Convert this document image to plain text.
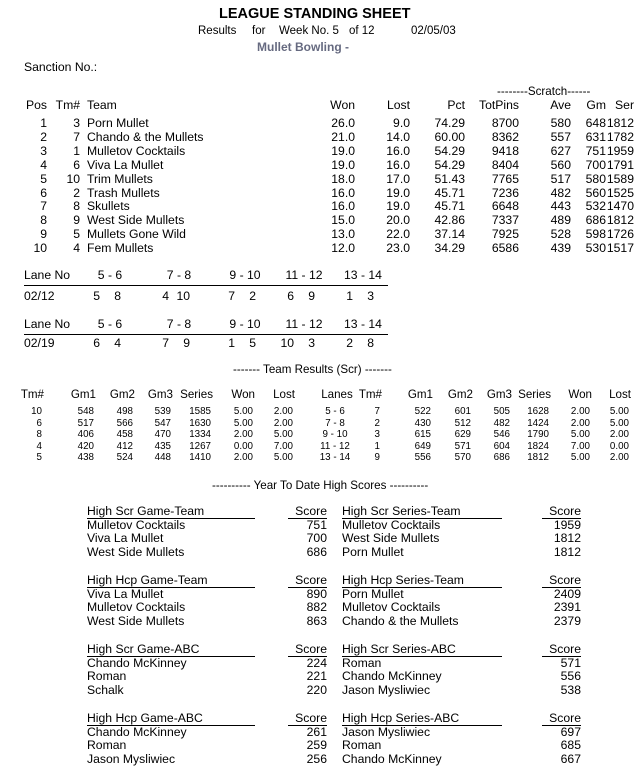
LEAGUE STANDING SHEET
Results for Week No. 5 of 12	02/05/03
Mullet Bowling -
Sanction No.:
--------Scratch------
Pos Tm# Team	Won	Lost	Pct	TotPins	Ave	Gm Ser
1	3 Porn Mullet	26.0	9.0	74.29	8700	580	648 1812
2	7 Chando & the Mullets	21.0	14.0	60.00	8362	557	631 1782
3	1 Mulletov Cocktails	19.0	16.0	54.29	9418	627	751 1959
4	6 Viva La Mullet	19.0	16.0	54.29	8404	560	700 1791
5	10 Trim Mullets	18.0	17.0	51.43	7765	517	580 1589
6	2 Trash Mullets	16.0	19.0	45.71	7236	482	560 1525
7	8 Skullets	16.0	19.0	45.71	6648	443	532 1470
8	9 West Side Mullets	15.0	20.0	42.86	7337	489	686 1812
9	5 Mullets Gone Wild	13.0	22.0	37.14	7925	528	598 1726
10	4 Fem Mullets	12.0	23.0	34.29	6586	439	530 1517
Lane No	5 - 6	7 - 8	9 - 10	11 - 12	13 - 14
02/12	5	8	4 10	7	2	6	9	1	3
Lane No	5 - 6	7 - 8	9 - 10	11 - 12	13 - 14
02/19	6	4	7	9	1	5	10	3	2	8
------- Team Results (Scr) -------
Tm#	Gm1	Gm2	Gm3 Series	Won	Lost	Lanes Tm#	Gm1	Gm2	Gm3 Series	Won	Lost
10	548	498	539	1585	5.00	2.00	5 - 6	7	522	601	505	1628	2.00	5.00
6	517	566	547	1630	5.00	2.00	7 - 8	2	430	512	482	1424	2.00	5.00
8	406	458	470	1334	2.00	5.00	9 - 10	3	615	629	546	1790	5.00	2.00
4	420	412	435	1267	0.00	7.00	11 - 12	1	649	571	604	1824	7.00	0.00
5	438	524	448	1410	2.00	5.00	13 - 14	9	556	570	686	1812	5.00	2.00
---------- Year To Date High Scores ----------
High Scr Game-Team	Score
Mulletov Cocktails	751
Viva La Mullet	700
West Side Mullets	686
High Scr Series-Team	Score
Mulletov Cocktails	1959
West Side Mullets	1812
Porn Mullet	1812
High Hcp Game-Team	Score
Viva La Mullet	890
Mulletov Cocktails	882
West Side Mullets	863
High Hcp Series-Team	Score
Porn Mullet	2409
Mulletov Cocktails	2391
Chando & the Mullets	2379
High Scr Game-ABC	Score
Chando McKinney	224
Roman	221
Schalk	220
High Scr Series-ABC	Score
Roman	571
Chando McKinney	556
Jason Mysliwiec	538
High Hcp Game-ABC	Score
Chando McKinney	261
Roman	259
Jason Mysliwiec	256
High Hcp Series-ABC	Score
Jason Mysliwiec	697
Roman	685
Chando McKinney	667
